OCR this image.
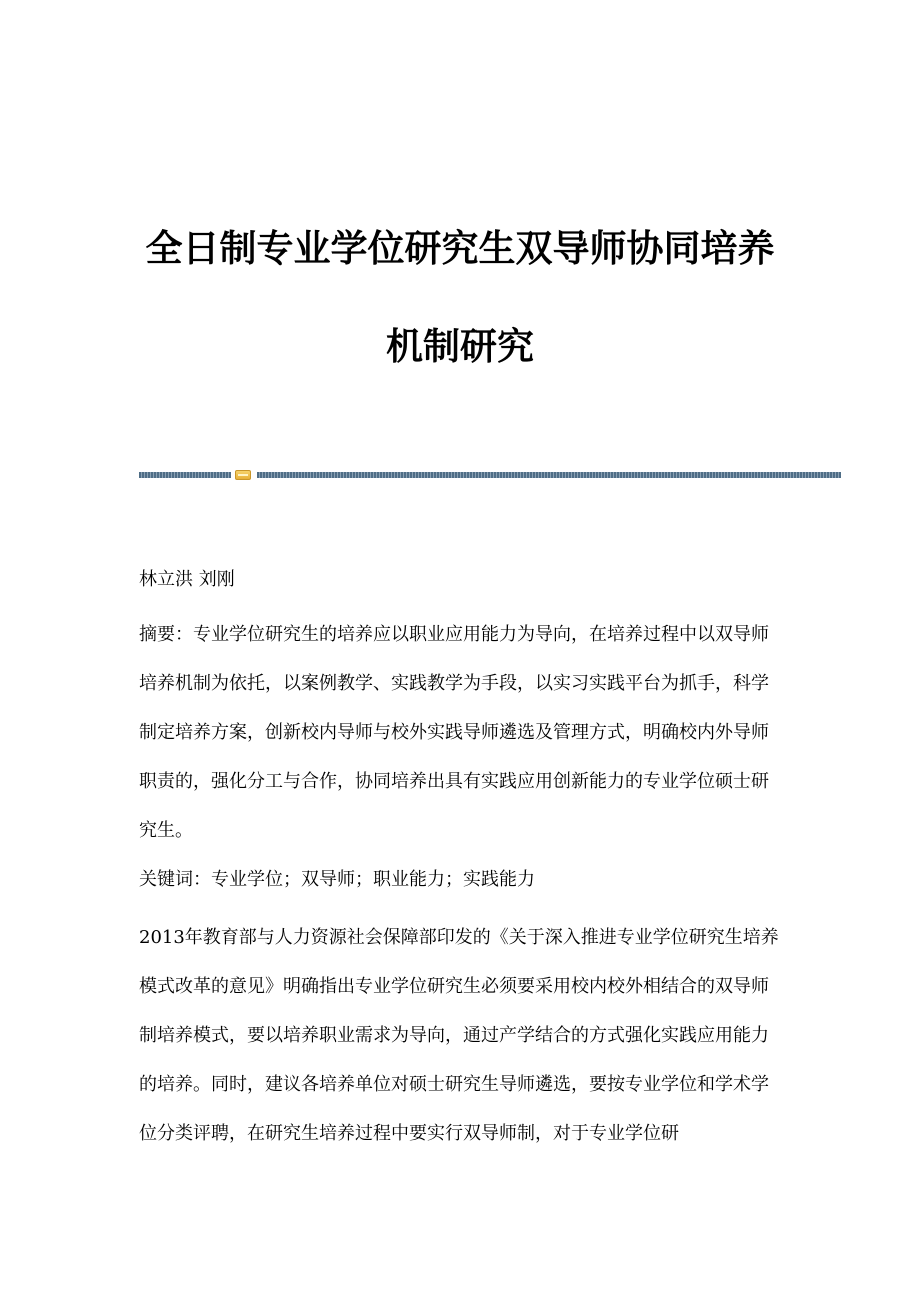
全日制专业学位研究生双导师协同培养
机制研究

林立洪 刘刚

摘要：专业学位研究生的培养应以职业应用能力为导向，在培养过程中以双导师培养机制为依托，以案例教学、实践教学为手段，以实习实践平台为抓手，科学制定培养方案，创新校内导师与校外实践导师遴选及管理方式，明确校内外导师职责的，强化分工与合作，协同培养出具有实践应用创新能力的专业学位硕士研究生。

关键词：专业学位；双导师；职业能力；实践能力

2013年教育部与人力资源社会保障部印发的《关于深入推进专业学位研究生培养模式改革的意见》明确指出专业学位研究生必须要采用校内校外相结合的双导师制培养模式，要以培养职业需求为导向，通过产学结合的方式强化实践应用能力的培养。同时，建议各培养单位对硕士研究生导师遴选，要按专业学位和学术学位分类评聘，在研究生培养过程中要实行双导师制，对于专业学位研
